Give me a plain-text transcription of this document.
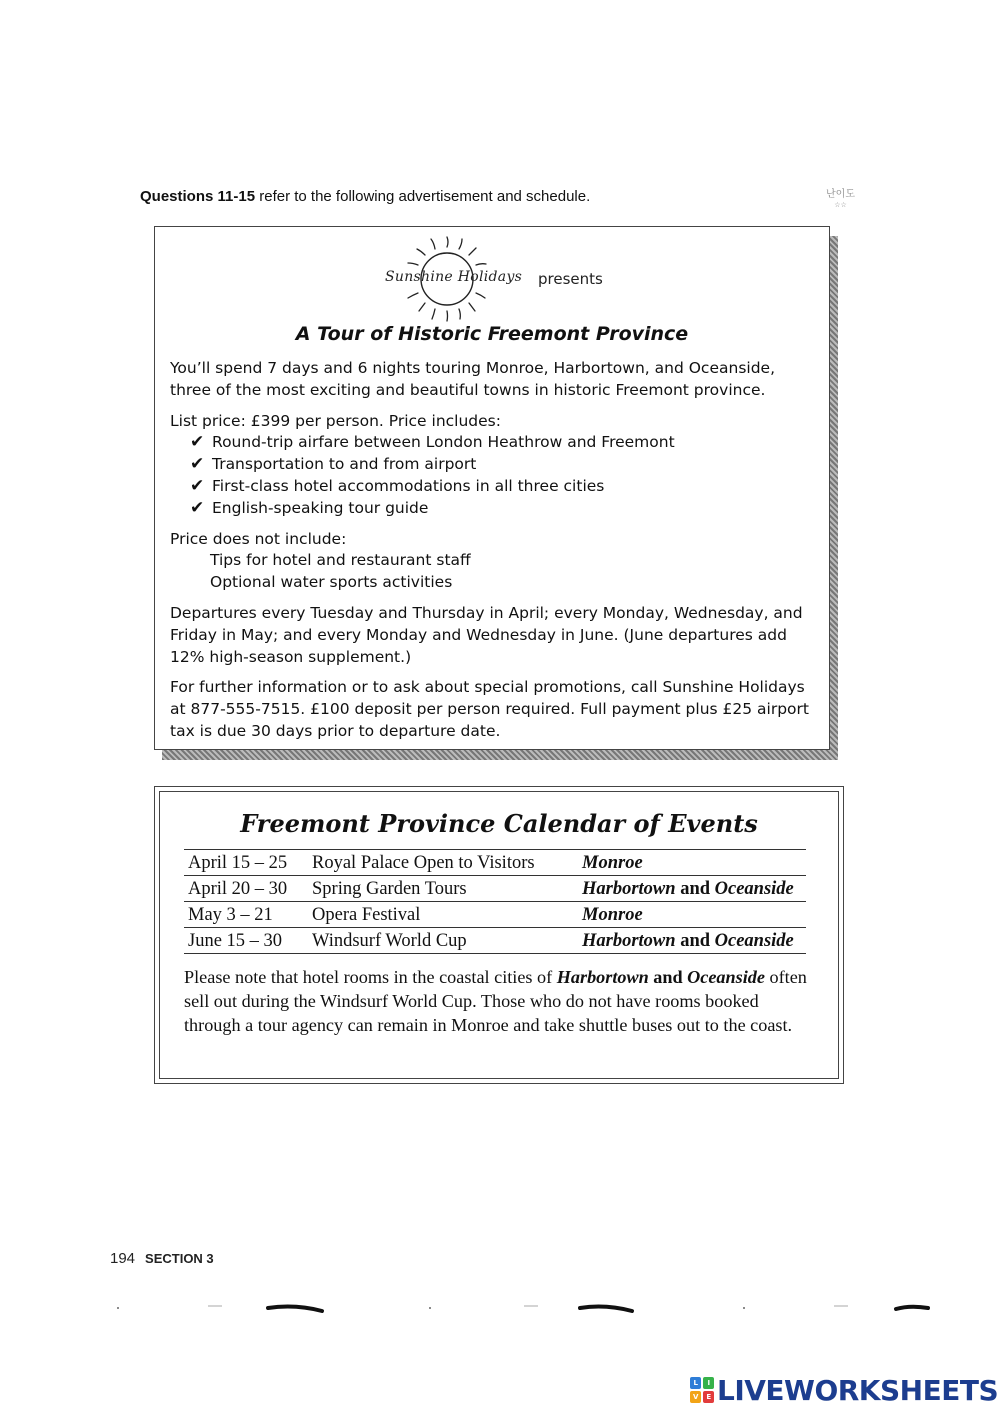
Questions 11-15 refer to the following advertisement and schedule.	난이도
☆☆
Sunshine Holidays presents
A Tour of Historic Freemont Province

You’ll spend 7 days and 6 nights touring Monroe, Harbortown, and Oceanside, three of the most exciting and beautiful towns in historic Freemont province.

List price: £399 per person. Price includes:
✔ Round-trip airfare between London Heathrow and Freemont
✔ Transportation to and from airport
✔ First-class hotel accommodations in all three cities
✔ English-speaking tour guide
Price does not include:
Tips for hotel and restaurant staff
Optional water sports activities

Departures every Tuesday and Thursday in April; every Monday, Wednesday, and Friday in May; and every Monday and Wednesday in June. (June departures add 12% high-season supplement.)

For further information or to ask about special promotions, call Sunshine Holidays at 877-555-7515. £100 deposit per person required. Full payment plus £25 airport tax is due 30 days prior to departure date.

Freemont Province Calendar of Events
April 15 – 25	Royal Palace Open to Visitors	Monroe
April 20 – 30	Spring Garden Tours	Harbortown and Oceanside
May 3 – 21	Opera Festival	Monroe
June 15 – 30	Windsurf World Cup	Harbortown and Oceanside
Please note that hotel rooms in the coastal cities of Harbortown and Oceanside often sell out during the Windsurf World Cup. Those who do not have rooms booked through a tour agency can remain in Monroe and take shuttle buses out to the coast.
194 SECTION 3
L	I
V	E LIVEWORKSHEETS
